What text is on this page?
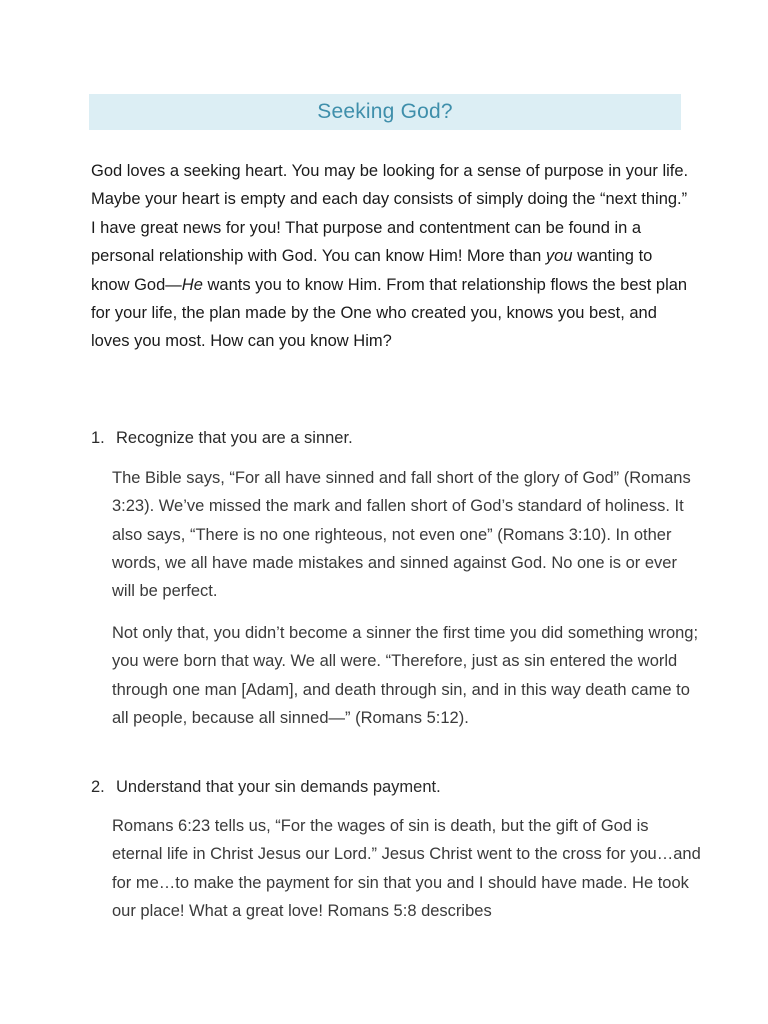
Seeking God?

God loves a seeking heart. You may be looking for a sense of purpose in your life. Maybe your heart is empty and each day consists of simply doing the “next thing.” I have great news for you! That purpose and contentment can be found in a personal relationship with God. You can know Him! More than you wanting to know God—He wants you to know Him. From that relationship flows the best plan for your life, the plan made by the One who created you, knows you best, and loves you most. How can you know Him?

1. Recognize that you are a sinner.

The Bible says, “For all have sinned and fall short of the glory of God” (Romans 3:23). We’ve missed the mark and fallen short of God’s standard of holiness. It also says, “There is no one righteous, not even one” (Romans 3:10). In other words, we all have made mistakes and sinned against God. No one is or ever will be perfect.

Not only that, you didn’t become a sinner the first time you did something wrong; you were born that way. We all were. “Therefore, just as sin entered the world through one man [Adam], and death through sin, and in this way death came to all people, because all sinned—” (Romans 5:12).

2. Understand that your sin demands payment.

Romans 6:23 tells us, “For the wages of sin is death, but the gift of God is eternal life in Christ Jesus our Lord.” Jesus Christ went to the cross for you…and for me…to make the payment for sin that you and I should have made. He took our place! What a great love! Romans 5:8 describes
